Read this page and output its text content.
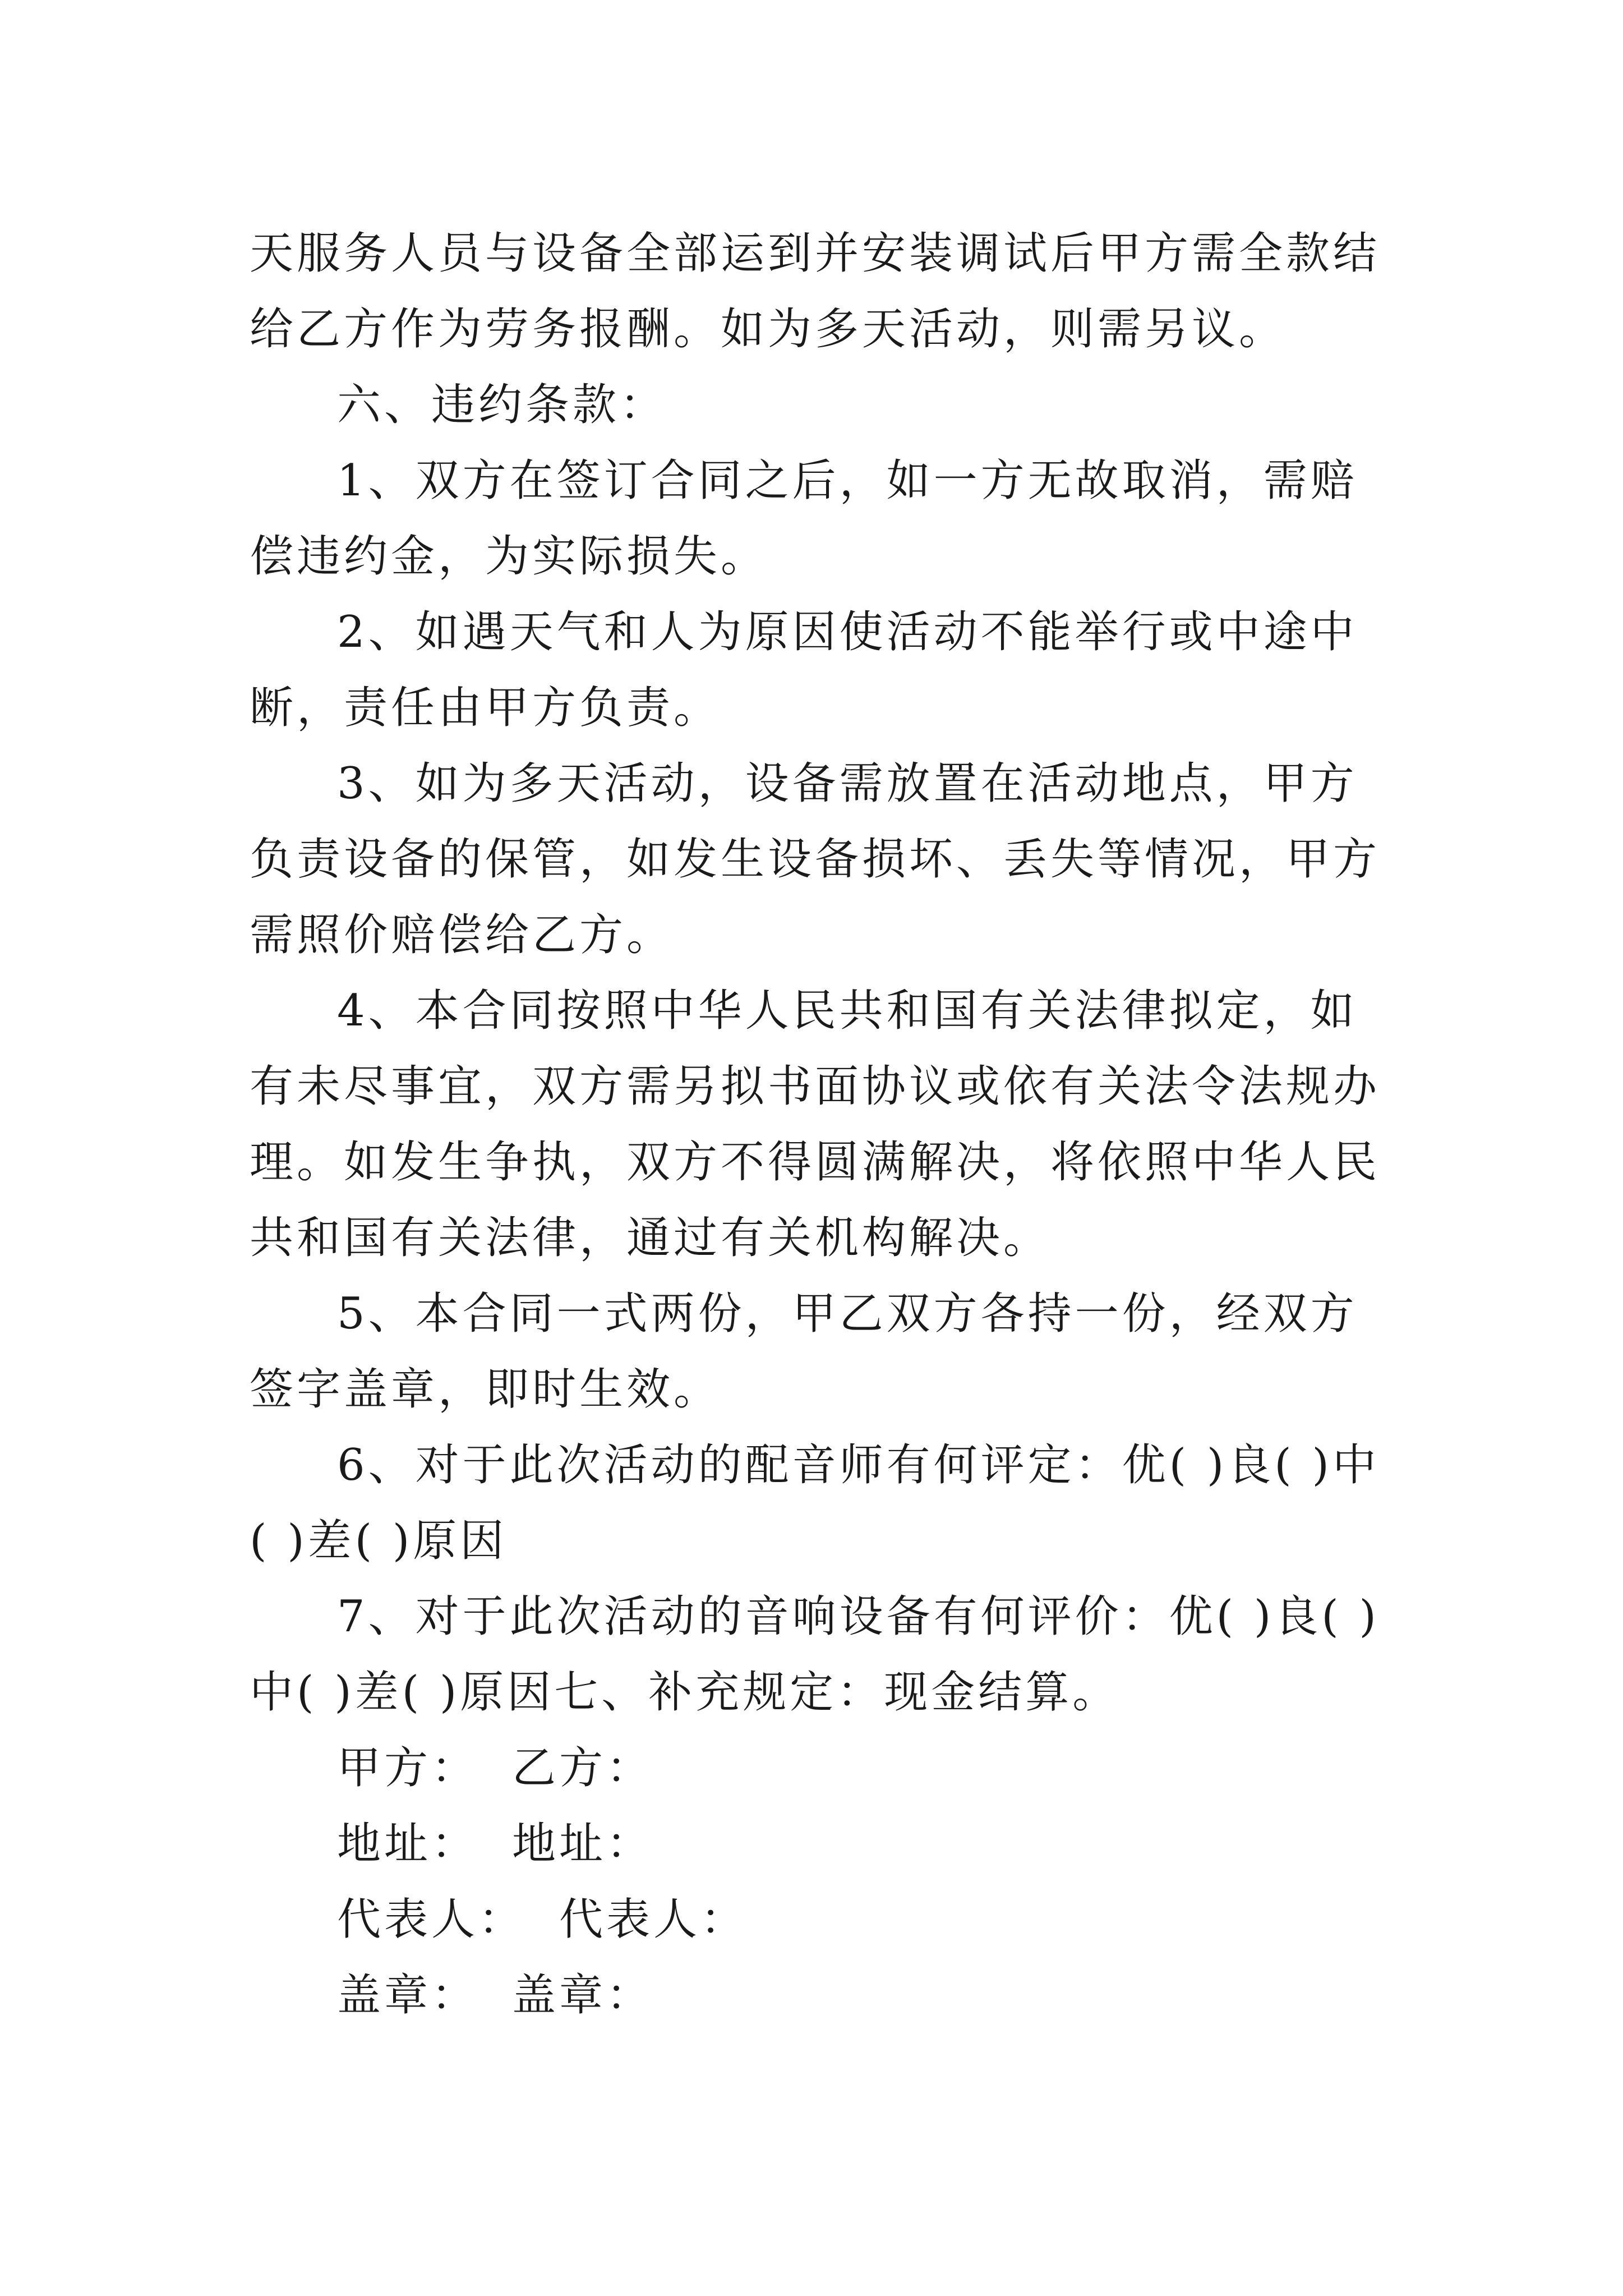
天服务人员与设备全部运到并安装调试后甲方需全款结给乙方作为劳务报酬。如为多天活动，则需另议。

六、违约条款：

1、双方在签订合同之后，如一方无故取消，需赔偿违约金，为实际损失。

2、如遇天气和人为原因使活动不能举行或中途中断，责任由甲方负责。

3、如为多天活动，设备需放置在活动地点，甲方负责设备的保管，如发生设备损坏、丢失等情况，甲方需照价赔偿给乙方。

4、本合同按照中华人民共和国有关法律拟定，如有未尽事宜，双方需另拟书面协议或依有关法令法规办理。如发生争执，双方不得圆满解决，将依照中华人民共和国有关法律，通过有关机构解决。

5、本合同一式两份，甲乙双方各持一份，经双方签字盖章，即时生效。

6、对于此次活动的配音师有何评定：优( )良( )中( )差( )原因

7、对于此次活动的音响设备有何评价：优( )良( )中( )差( )原因七、补充规定：现金结算。

甲方： 乙方：

地址： 地址：

代表人： 代表人：

盖章： 盖章：
